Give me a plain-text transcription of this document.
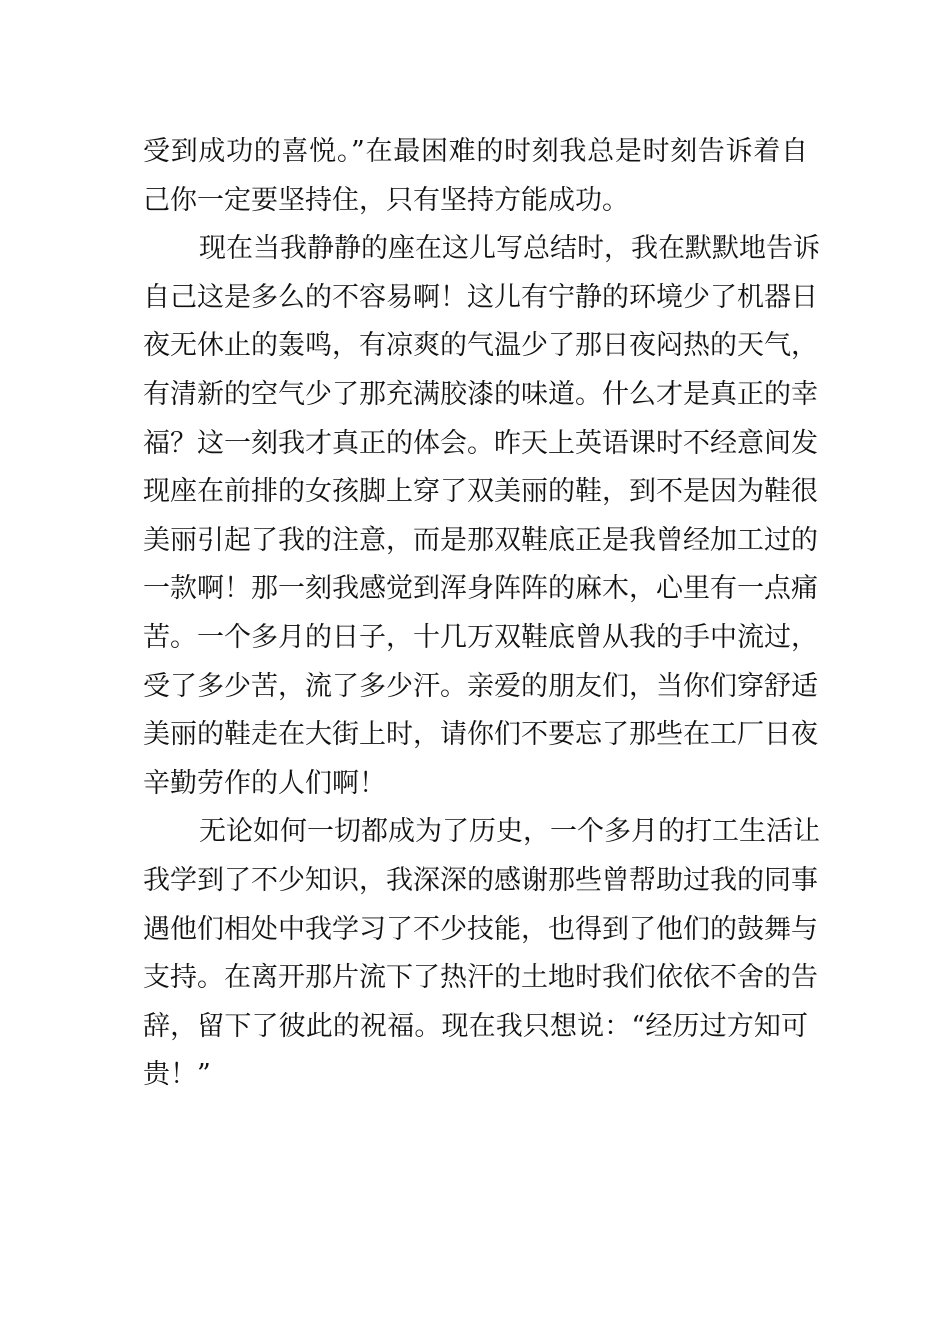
受到成功的喜悦。”在最困难的时刻我总是时刻告诉着自
己你一定要坚持住，只有坚持方能成功。
现在当我静静的座在这儿写总结时，我在默默地告诉
自己这是多么的不容易啊！这儿有宁静的环境少了机器日
夜无休止的轰鸣，有凉爽的气温少了那日夜闷热的天气，
有清新的空气少了那充满胶漆的味道。什么才是真正的幸
福？这一刻我才真正的体会。昨天上英语课时不经意间发
现座在前排的女孩脚上穿了双美丽的鞋，到不是因为鞋很
美丽引起了我的注意，而是那双鞋底正是我曾经加工过的
一款啊！那一刻我感觉到浑身阵阵的麻木，心里有一点痛
苦。一个多月的日子，十几万双鞋底曾从我的手中流过，
受了多少苦，流了多少汗。亲爱的朋友们，当你们穿舒适
美丽的鞋走在大街上时，请你们不要忘了那些在工厂日夜
辛勤劳作的人们啊！
无论如何一切都成为了历史，一个多月的打工生活让
我学到了不少知识，我深深的感谢那些曾帮助过我的同事
遇他们相处中我学习了不少技能，也得到了他们的鼓舞与
支持。在离开那片流下了热汗的土地时我们依依不舍的告
辞，留下了彼此的祝福。现在我只想说：“经历过方知可
贵！”
